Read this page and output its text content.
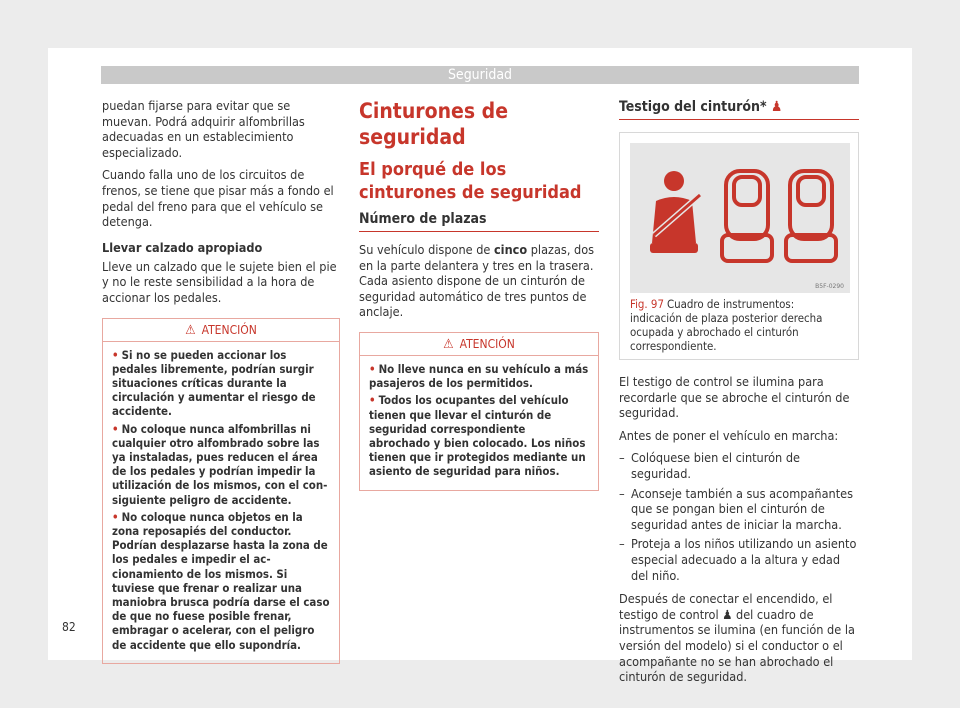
Seguridad

puedan fijarse para evitar que se muevan. Podrá adquirir alfombrillas adecuadas en un establecimiento especializado.

Cuando falla uno de los circuitos de frenos, se tiene que pisar más a fondo el pedal del freno para que el vehículo se detenga.

Llevar calzado apropiado

Lleve un calzado que le sujete bien el pie y no le reste sensibilidad a la hora de accionar los pedales.

⚠ ATENCIÓN
• Si no se pueden accionar los pedales libremente, podrían surgir situaciones críticas durante la circulación y aumentar el riesgo de accidente.
• No coloque nunca alfombrillas ni cualquier otro alfombrado sobre las ya instaladas, pues reducen el área de los pedales y podrían impedir la utilización de los mismos, con el consiguiente peligro de accidente.
• No coloque nunca objetos en la zona reposapiés del conductor. Podrían desplazarse hasta la zona de los pedales e impedir el accionamiento de los mismos. Si tuviese que frenar o realizar una maniobra brusca podría darse el caso de que no fuese posible frenar, embragar o acelerar, con el peligro de accidente que ello supondría.
Cinturones de seguridad
El porqué de los cinturones de seguridad
Número de plazas

Su vehículo dispone de cinco plazas, dos en la parte delantera y tres en la trasera. Cada asiento dispone de un cinturón de seguridad automático de tres puntos de anclaje.

⚠ ATENCIÓN
• No lleve nunca en su vehículo a más pasajeros de los permitidos.
• Todos los ocupantes del vehículo tienen que llevar el cinturón de seguridad correspondiente abrochado y bien colocado. Los niños tienen que ir protegidos mediante un asiento de seguridad para niños.
Testigo del cinturón* ♟
B5F-0290
Fig. 97 Cuadro de instrumentos: indicación de plaza posterior derecha ocupada y abrochado el cinturón correspondiente.

El testigo de control se ilumina para recordarle que se abroche el cinturón de seguridad.

Antes de poner el vehículo en marcha:

– Colóquese bien el cinturón de seguridad.
– Aconseje también a sus acompañantes que se pongan bien el cinturón de seguridad antes de iniciar la marcha.
– Proteja a los niños utilizando un asiento especial adecuado a la altura y edad del niño.

Después de conectar el encendido, el testigo de control ♟ del cuadro de instrumentos se ilumina (en función de la versión del modelo) si el conductor o el acompañante no se han abrochado el cinturón de seguridad.

82
